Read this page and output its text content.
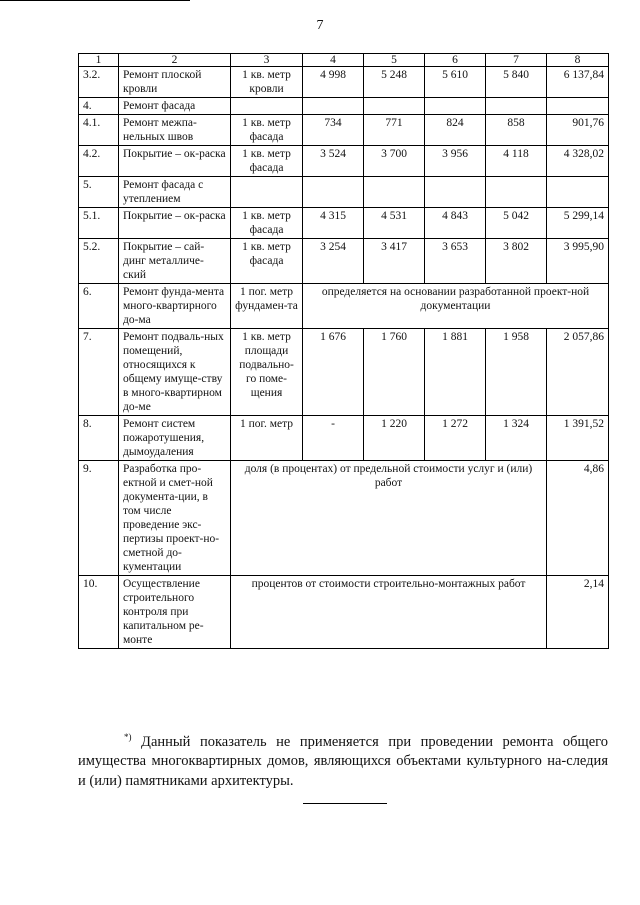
7
1	2	3	4	5	6	7	8
3.2.	Ремонт плоской кровли	1 кв. метр кровли	4 998	5 248	5 610	5 840	6 137,84
4.	Ремонт фасада						
4.1.	Ремонт межпа-нельных швов	1 кв. метр фасада	734	771	824	858	901,76
4.2.	Покрытие – ок-раска	1 кв. метр фасада	3 524	3 700	3 956	4 118	4 328,02
5.	Ремонт фасада с утеплением						
5.1.	Покрытие – ок-раска	1 кв. метр фасада	4 315	4 531	4 843	5 042	5 299,14
5.2.	Покрытие – сай-динг металличе-ский	1 кв. метр фасада	3 254	3 417	3 653	3 802	3 995,90
6.	Ремонт фунда-мента много-квартирного до-ма	1 пог. метр фундамен-та	определяется на основании разработанной проект-ной документации				
7.	Ремонт подваль-ных помещений, относящихся к общему имуще-ству в много-квартирном до-ме	1 кв. метр площади подвально-го поме-щения	1 676	1 760	1 881	1 958	2 057,86
8.	Ремонт систем пожаротушения, дымоудаления	1 пог. метр	-	1 220	1 272	1 324	1 391,52
9.	Разработка про-ектной и смет-ной документа-ции, в том числе проведение экс-пертизы проект-но-сметной до-кументации	доля (в процентах) от предельной стоимости услуг и (или) работ					4,86
10.	Осуществление строительного контроля при капитальном ре-монте	процентов от стоимости строительно-монтажных работ					2,14

*) Данный показатель не применяется при проведении ремонта общего имущества многоквартирных домов, являющихся объектами культурного на-следия и (или) памятниками архитектуры.
